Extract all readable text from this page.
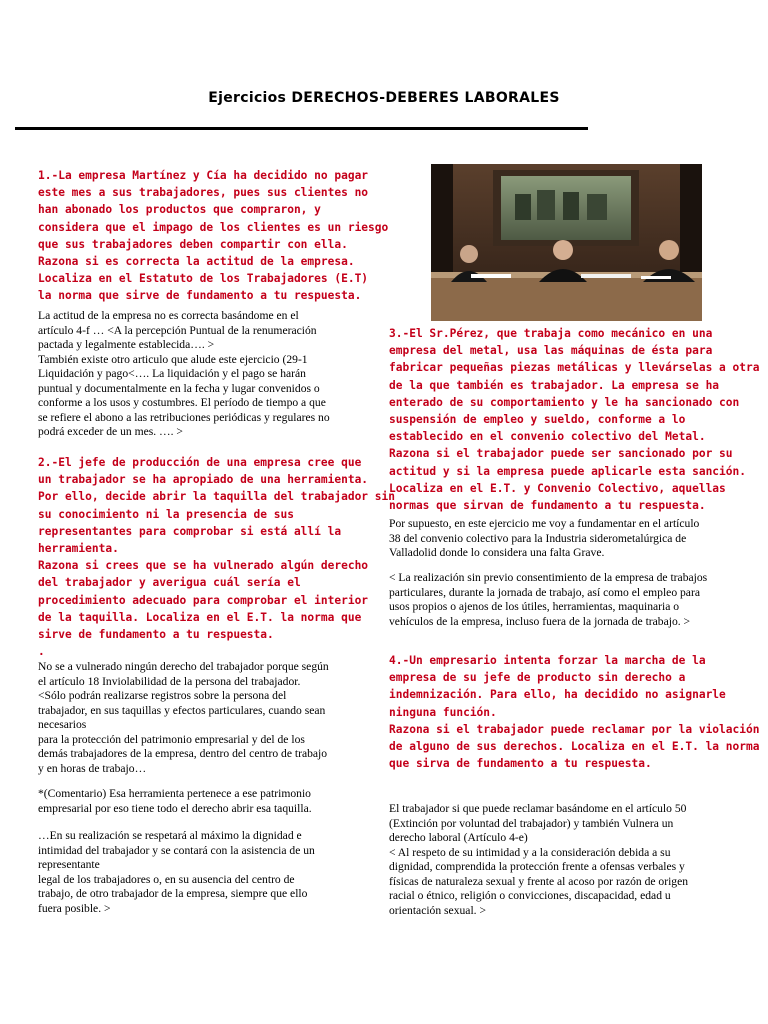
Ejercicios DERECHOS-DEBERES LABORALES
1.-La empresa Martínez y Cía ha decidido no pagar
este mes a sus trabajadores, pues sus clientes no
han abonado los productos que compraron, y
considera que el impago de los clientes es un riesgo
que sus trabajadores deben compartir con ella.
Razona si es correcta la actitud de la empresa.
Localiza en el Estatuto de los Trabajadores (E.T)
la norma que sirve de fundamento a tu respuesta.
La actitud de la empresa no es correcta basándome en el
artículo 4-f … <A la percepción Puntual de la renumeración
pactada y legalmente establecida…. >
También existe otro articulo que alude este ejercicio (29-1
Liquidación y pago<…. La liquidación y el pago se harán
puntual y documentalmente en la fecha y lugar convenidos o
conforme a los usos y costumbres. El período de tiempo a que
se refiere el abono a las retribuciones periódicas y regulares no
podrá exceder de un mes. …. >
2.-El jefe de producción de una empresa cree que
un trabajador se ha apropiado de una herramienta.
Por ello, decide abrir la taquilla del trabajador sin
su conocimiento ni la presencia de sus
representantes para comprobar si está allí la
herramienta.
Razona si crees que se ha vulnerado algún derecho
del trabajador y averigua cuál sería el
procedimiento adecuado para comprobar el interior
de la taquilla. Localiza en el E.T. la norma que
sirve de fundamento a tu respuesta.
.
No se a vulnerado ningún derecho del trabajador porque según
el artículo 18 Inviolabilidad de la persona del trabajador.
<Sólo podrán realizarse registros sobre la persona del
trabajador, en sus taquillas y efectos particulares, cuando sean
necesarios
para la protección del patrimonio empresarial y del de los
demás trabajadores de la empresa, dentro del centro de trabajo
y en horas de trabajo…
*(Comentario) Esa herramienta pertenece a ese patrimonio
empresarial por eso tiene todo el derecho abrir esa taquilla.
…En su realización se respetará al máximo la dignidad e
intimidad del trabajador y se contará con la asistencia de un
representante
legal de los trabajadores o, en su ausencia del centro de
trabajo, de otro trabajador de la empresa, siempre que ello
fuera posible. >
3.-El Sr.Pérez, que trabaja como mecánico en una
empresa del metal, usa las máquinas de ésta para
fabricar pequeñas piezas metálicas y llevárselas a otra
de la que también es trabajador. La empresa se ha
enterado de su comportamiento y le ha sancionado con
suspensión de empleo y sueldo, conforme a lo
establecido en el convenio colectivo del Metal.
Razona si el trabajador puede ser sancionado por su
actitud y si la empresa puede aplicarle esta sanción.
Localiza en el E.T. y Convenio Colectivo, aquellas
normas que sirvan de fundamento a tu respuesta.
Por supuesto, en este ejercicio me voy a fundamentar en el artículo
38 del convenio colectivo para la Industria siderometalúrgica de
Valladolid donde lo considera una falta Grave.
< La realización sin previo consentimiento de la empresa de trabajos
particulares, durante la jornada de trabajo, así como el empleo para
usos propios o ajenos de los útiles, herramientas, maquinaria o
vehículos de la empresa, incluso fuera de la jornada de trabajo. >
4.-Un empresario intenta forzar la marcha de la
empresa de su jefe de producto sin derecho a
indemnización. Para ello, ha decidido no asignarle
ninguna función.
Razona si el trabajador puede reclamar por la violación
de alguno de sus derechos. Localiza en el E.T. la norma
que sirva de fundamento a tu respuesta.
El trabajador si que puede reclamar basándome en el artículo 50
(Extinción por voluntad del trabajador) y también Vulnera un
derecho laboral (Artículo 4-e)
< Al respeto de su intimidad y a la consideración debida a su
dignidad, comprendida la protección frente a ofensas verbales y
físicas de naturaleza sexual y frente al acoso por razón de origen
racial o étnico, religión o convicciones, discapacidad, edad u
orientación sexual. >
